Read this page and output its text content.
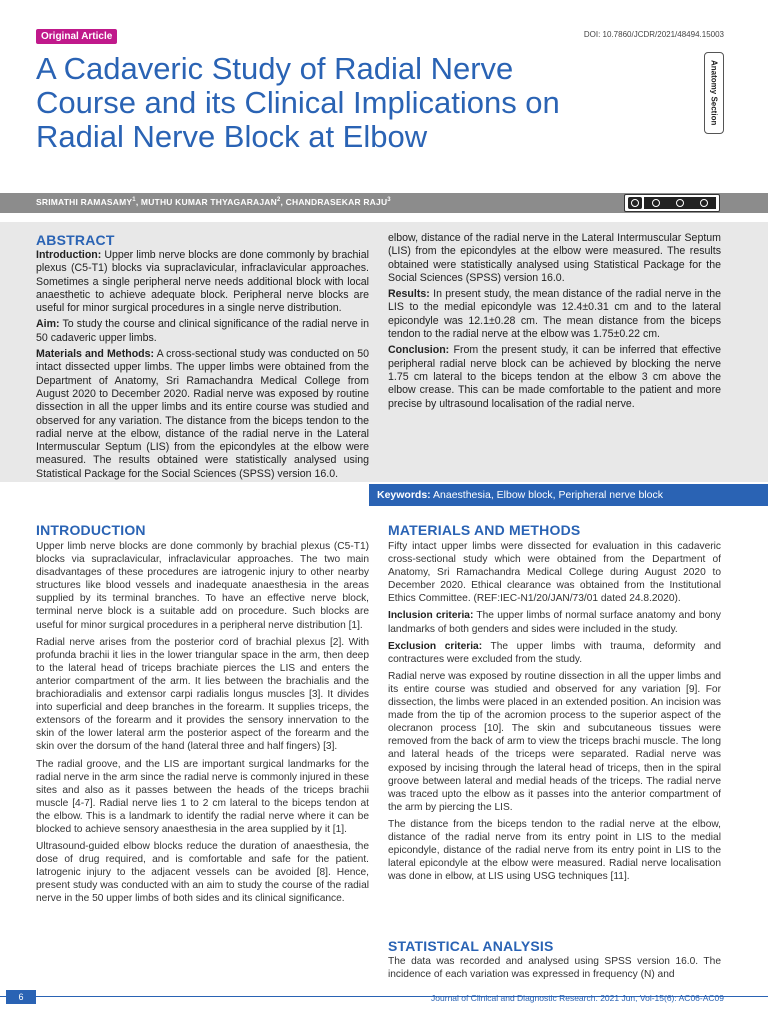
Original Article	DOI: 10.7860/JCDR/2021/48494.15003
A Cadaveric Study of Radial Nerve Course and its Clinical Implications on Radial Nerve Block at Elbow
Anatomy Section
SRIMATHI RAMASAMY$^1$, MUTHU KUMAR THYAGARAJAN$^2$, CHANDRASEKAR RAJU$^3$
ABSTRACT

Introduction: Upper limb nerve blocks are done commonly by brachial plexus (C5-T1) blocks via supraclavicular, infraclavicular approaches. Sometimes a single peripheral nerve needs additional block with local anaesthetic to achieve adequate block. Peripheral nerve blocks are useful for minor surgical procedures in a single nerve distribution.

Aim: To study the course and clinical significance of the radial nerve in 50 cadaveric upper limbs.

Materials and Methods: A cross-sectional study was conducted on 50 intact dissected upper limbs. The upper limbs were obtained from the Department of Anatomy, Sri Ramachandra Medical College from August 2020 to December 2020. Radial nerve was exposed by routine dissection in all the upper limbs and its entire course was studied and observed for any variation. The distance from the biceps tendon to the radial nerve at the elbow, distance of the radial nerve in the Lateral Intermuscular Septum (LIS) from the epicondyles at the elbow were measured. The results obtained were statistically analysed using Statistical Package for the Social Sciences (SPSS) version 16.0.

elbow, distance of the radial nerve in the Lateral Intermuscular Septum (LIS) from the epicondyles at the elbow were measured. The results obtained were statistically analysed using Statistical Package for the Social Sciences (SPSS) version 16.0.

Results: In present study, the mean distance of the radial nerve in the LIS to the medial epicondyle was 12.4±0.31 cm and to the lateral epicondyle was 12.1±0.28 cm. The mean distance from the biceps tendon to the radial nerve at the elbow was 1.75±0.22 cm.

Conclusion: From the present study, it can be inferred that effective peripheral radial nerve block can be achieved by blocking the nerve 1.75 cm lateral to the biceps tendon at the elbow 3 cm above the elbow crease. This can be made comfortable to the patient and more precise by ultrasound localisation of the radial nerve.

Keywords: Anaesthesia, Elbow block, Peripheral nerve block
INTRODUCTION

Upper limb nerve blocks are done commonly by brachial plexus (C5-T1) blocks via supraclavicular, infraclavicular approaches. The two main disadvantages of these procedures are iatrogenic injury to other nearby structures like blood vessels and inadequate anaesthesia in the areas supplied by its terminal branches. To have an effective nerve block, terminal nerve block is a suitable add on procedure. Such blocks are useful for minor surgical procedures in a peripheral nerve distribution [1].

Radial nerve arises from the posterior cord of brachial plexus [2]. With profunda brachii it lies in the lower triangular space in the arm, then deep to the lateral head of triceps brachiate pierces the LIS and enters the anterior compartment of the arm. It lies between the brachialis and the brachioradialis and extensor carpi radialis longus muscles [3]. It divides into superficial and deep branches in the forearm. It supplies triceps, the extensors of the forearm and it provides the sensory innervation to the skin of the lower lateral arm the posterior aspect of the forearm and the skin over the dorsum of the hand (lateral three and half fingers) [3].

The radial groove, and the LIS are important surgical landmarks for the radial nerve in the arm since the radial nerve is commonly injured in these sites and also as it passes between the heads of the triceps brachii muscle [4-7]. Radial nerve lies 1 to 2 cm lateral to the biceps tendon at the elbow. This is a landmark to identify the radial nerve where it can be blocked to achieve sensory anaesthesia in the area supplied by it [1].

Ultrasound-guided elbow blocks reduce the duration of anaesthesia, the dose of drug required, and is comfortable and safe for the patient. Iatrogenic injury to the adjacent vessels can be avoided [8]. Hence, present study was conducted with an aim to study the course of the radial nerve in the 50 upper limbs of both sides and its clinical significance.

MATERIALS AND METHODS

Fifty intact upper limbs were dissected for evaluation in this cadaveric cross-sectional study which were obtained from the Department of Anatomy, Sri Ramachandra Medical College during August 2020 to December 2020. Ethical clearance was obtained from the Institutional Ethics Committee. (REF:IEC-N1/20/JAN/73/01 dated 24.8.2020).

Inclusion criteria: The upper limbs of normal surface anatomy and bony landmarks of both genders and sides were included in the study.

Exclusion criteria: The upper limbs with trauma, deformity and contractures were excluded from the study.

Radial nerve was exposed by routine dissection in all the upper limbs and its entire course was studied and observed for any variation [9]. For dissection, the limbs were placed in an extended position. An incision was made from the tip of the acromion process to the superior aspect of the olecranon process [10]. The skin and subcutaneous tissues were removed from the back of arm to view the triceps brachi muscle. The long and lateral heads of the triceps were separated. Radial nerve was exposed by incising through the lateral head of triceps, then in the spiral groove between lateral and medial heads of the triceps. The radial nerve was traced upto the elbow as it passes into the anterior compartment of the arm by piercing the LIS.

The distance from the biceps tendon to the radial nerve at the elbow, distance of the radial nerve from its entry point in LIS to the medial epicondyle, distance of the radial nerve from its entry point in LIS to the lateral epicondyle at the elbow were measured. Radial nerve localisation was done in elbow, at LIS using USG techniques [11].

STATISTICAL ANALYSIS

The data was recorded and analysed using SPSS version 16.0. The incidence of each variation was expressed in frequency (N) and

6	Journal of Clinical and Diagnostic Research. 2021 Jun, Vol-15(6): AC06-AC09
